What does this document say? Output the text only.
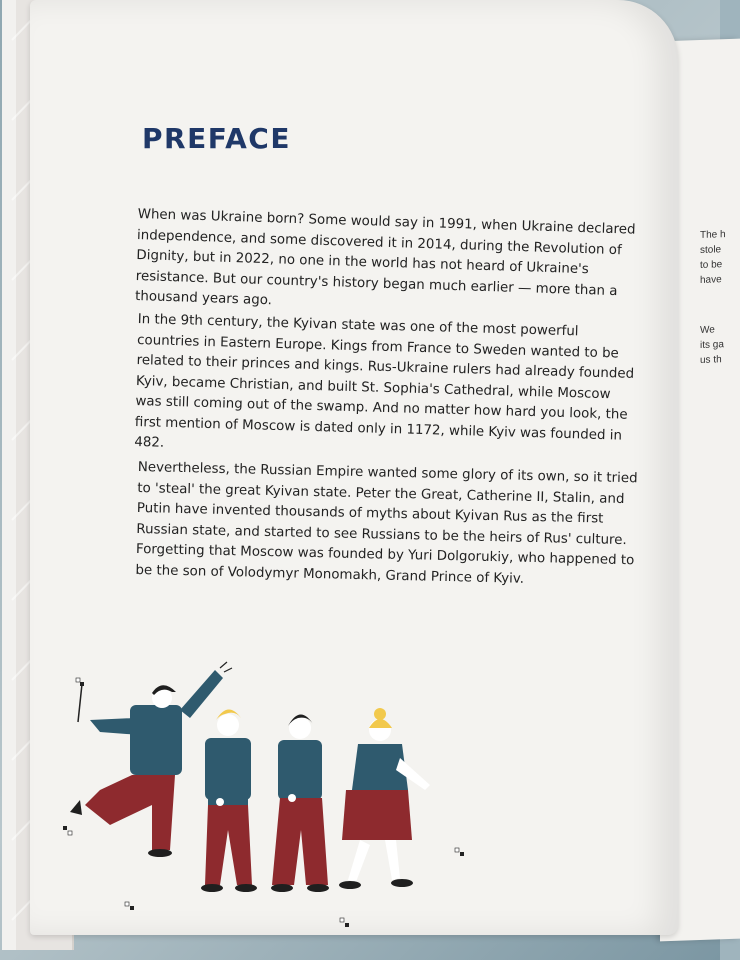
The h
stole
to be
have
We
its ga
us th
PREFACE

When was Ukraine born? Some would say in 1991, when Ukraine declared independence, and some discovered it in 2014, during the Revolution of Dignity, but in 2022, no one in the world has not heard of Ukraine's resistance. But our country's history began much earlier — more than a thousand years ago.

In the 9th century, the Kyivan state was one of the most powerful countries in Eastern Europe. Kings from France to Sweden wanted to be related to their princes and kings. Rus-Ukraine rulers had already founded Kyiv, became Christian, and built St. Sophia's Cathedral, while Moscow was still coming out of the swamp. And no matter how hard you look, the first mention of Moscow is dated only in 1172, while Kyiv was founded in 482.

Nevertheless, the Russian Empire wanted some glory of its own, so it tried to 'steal' the great Kyivan state. Peter the Great, Catherine II, Stalin, and Putin have invented thousands of myths about Kyivan Rus as the first Russian state, and started to see Russians to be the heirs of Rus' culture. Forgetting that Moscow was founded by Yuri Dolgorukiy, who happened to be the son of Volodymyr Monomakh, Grand Prince of Kyiv.
